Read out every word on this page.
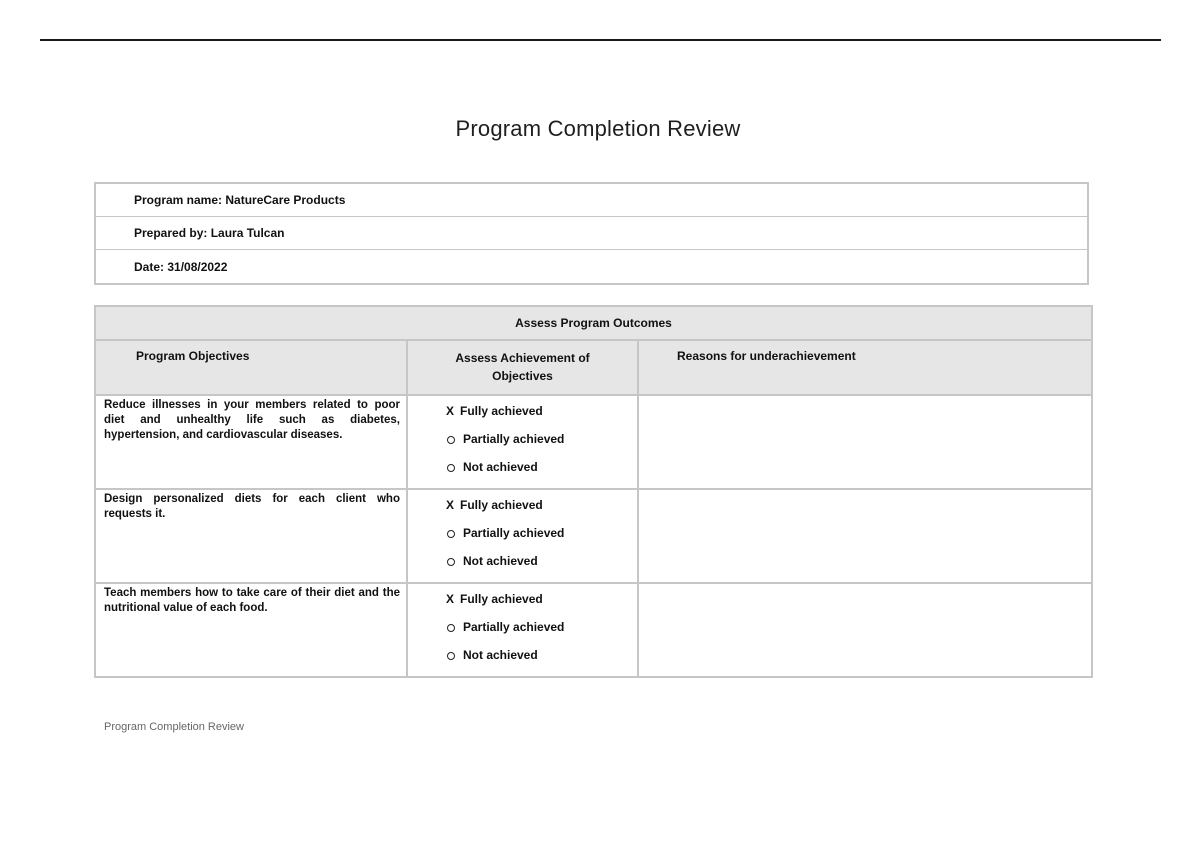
Program Completion Review
Program name: NatureCare Products
Prepared by: Laura Tulcan
Date: 31/08/2022
Assess Program Outcomes		
Program Objectives	Assess Achievement of Objectives	Reasons for underachievement
Reduce illnesses in your members related to poor diet and unhealthy life such as diabetes, hypertension, and cardiovascular diseases.	X Fully achieved
Partially achieved
Not achieved	

Design personalized diets for each client who requests it.	X Fully achieved
Partially achieved
Not achieved	

Teach members how to take care of their diet and the nutritional value of each food.	X Fully achieved
Partially achieved
Not achieved	

Program Completion Review
